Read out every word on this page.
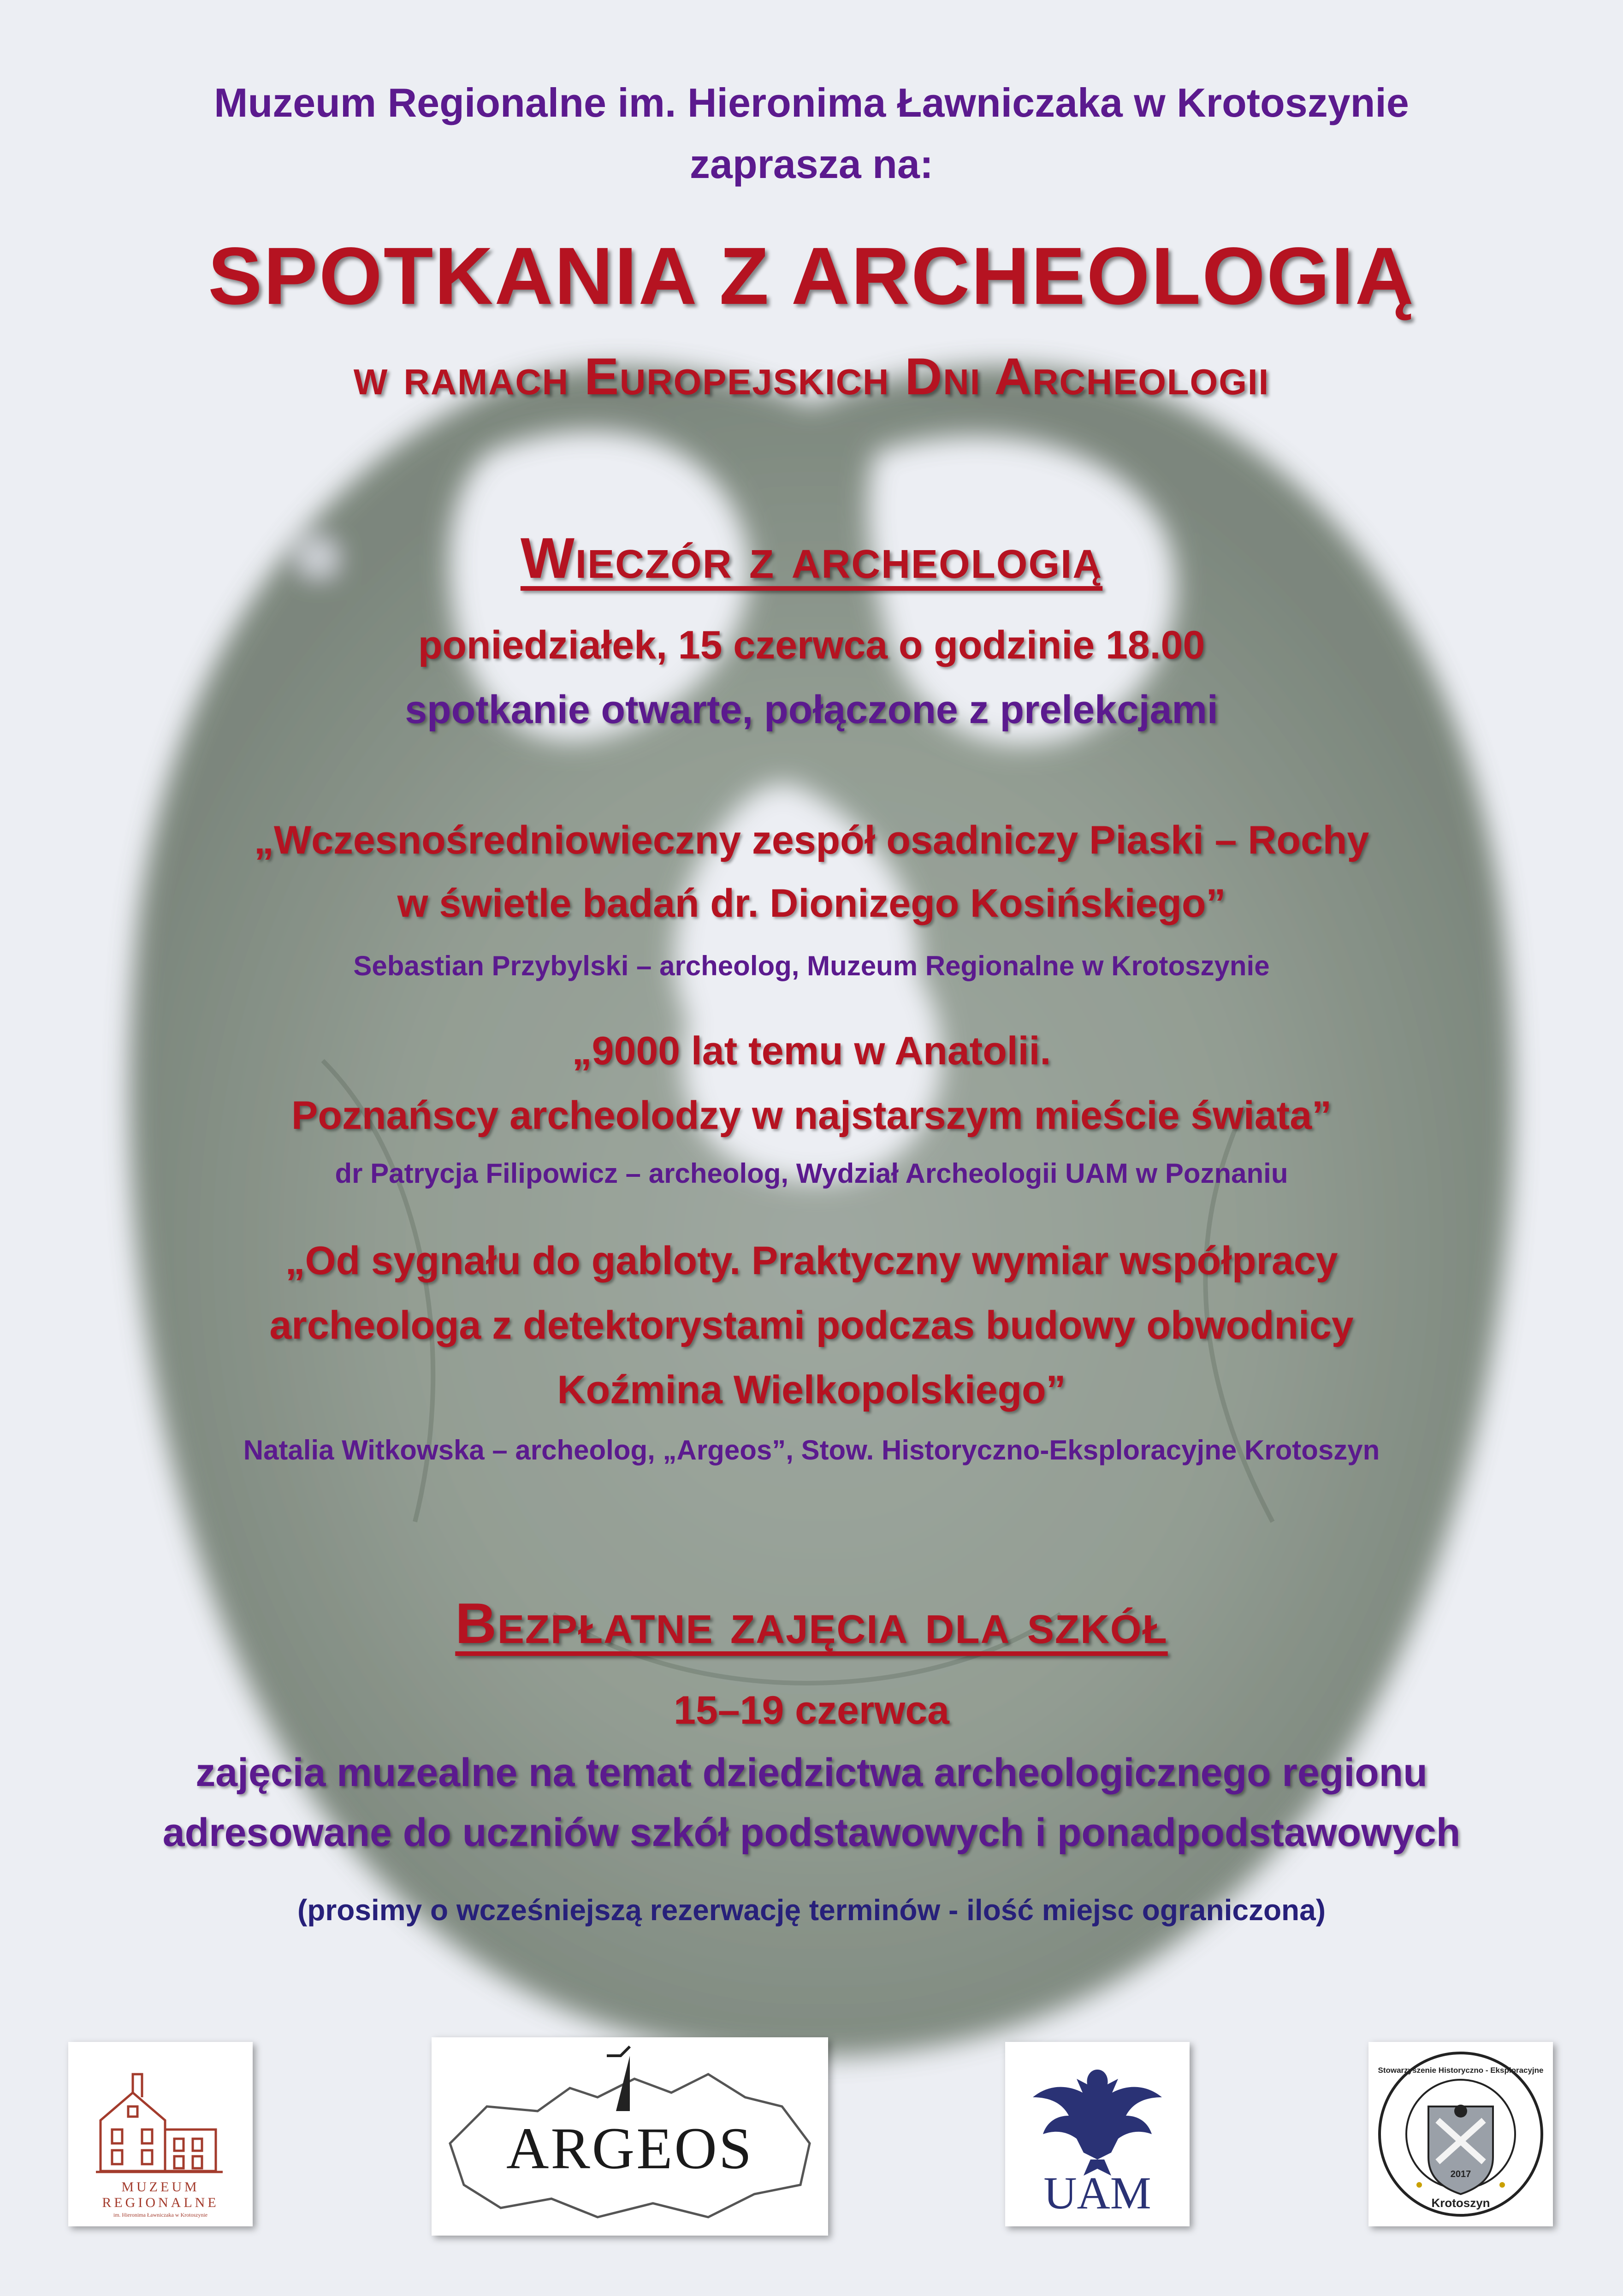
Muzeum Regionalne im. Hieronima Ławniczaka w Krotoszynie
zaprasza na:
SPOTKANIA Z ARCHEOLOGIĄ
w ramach Europejskich Dni Archeologii
Wieczór z archeologią
poniedziałek, 15 czerwca o godzinie 18.00
spotkanie otwarte, połączone z prelekcjami
„Wczesnośredniowieczny zespół osadniczy Piaski – Rochy
w świetle badań dr. Dionizego Kosińskiego”
Sebastian Przybylski – archeolog, Muzeum Regionalne w Krotoszynie
„9000 lat temu w Anatolii.
Poznańscy archeolodzy w najstarszym mieście świata”
dr Patrycja Filipowicz – archeolog, Wydział Archeologii UAM w Poznaniu
„Od sygnału do gabloty. Praktyczny wymiar współpracy
archeologa z detektorystami podczas budowy obwodnicy
Koźmina Wielkopolskiego”
Natalia Witkowska – archeolog, „Argeos”, Stow. Historyczno-Eksploracyjne Krotoszyn
Bezpłatne zajęcia dla szkół
15–19 czerwca
zajęcia muzealne na temat dziedzictwa archeologicznego regionu
adresowane do uczniów szkół podstawowych i ponadpodstawowych
(prosimy o wcześniejszą rezerwację terminów - ilość miejsc ograniczona)
MUZEUM
REGIONALNE
im. Hieronima Ławniczaka w Krotoszynie
ARGEOS
UAM
Stowarzyszenie Historyczno - Eksploracyjne
2017
Krotoszyn
